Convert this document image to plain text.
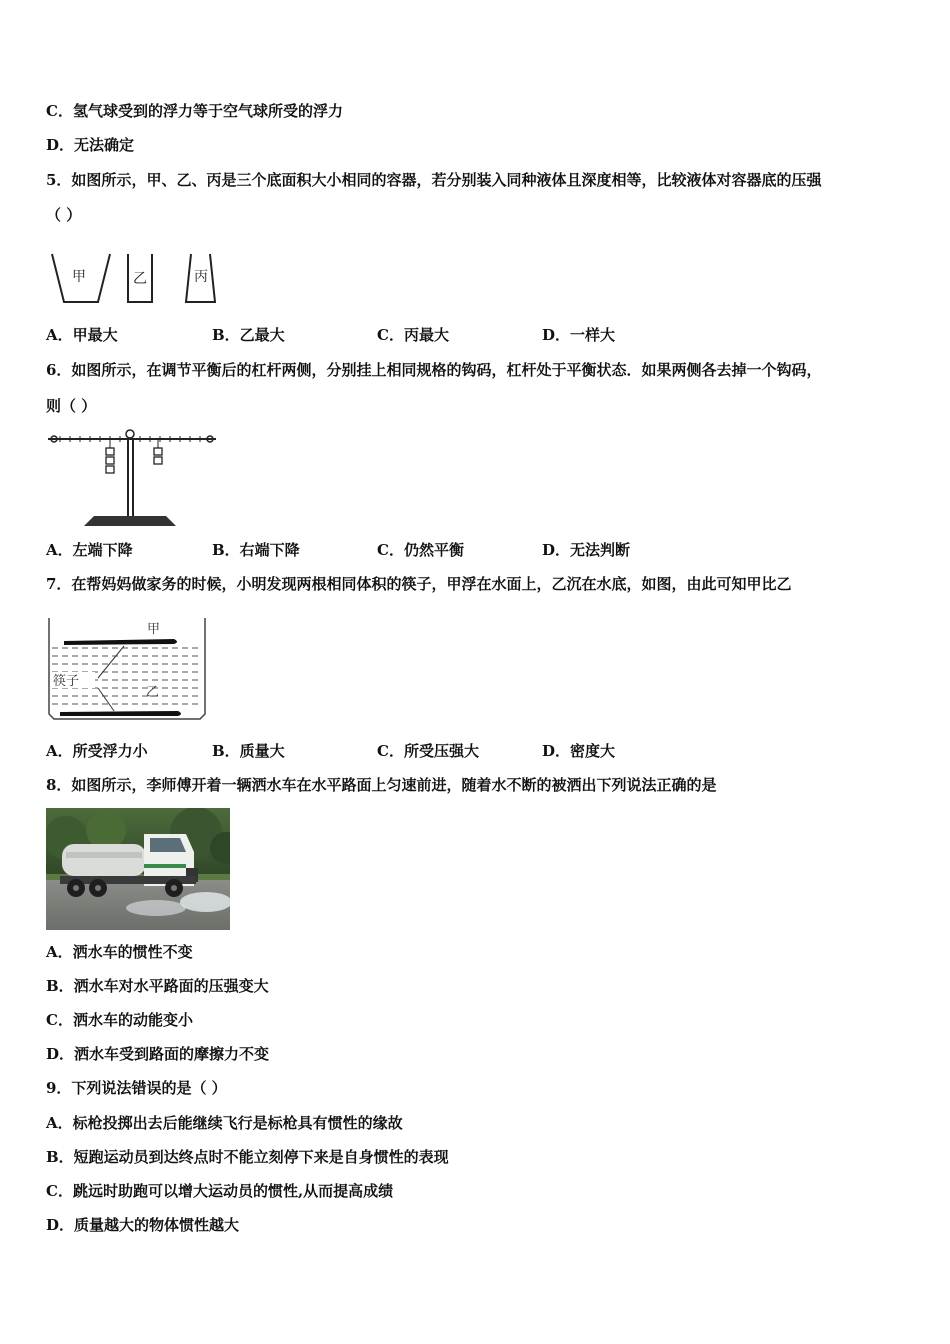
C．氢气球受到的浮力等于空气球所受的浮力
D．无法确定
5．如图所示，甲、乙、丙是三个底面积大小相同的容器，若分别装入同种液体且深度相等，比较液体对容器底的压强
（ ）
甲	乙	丙
A．甲最大	B．乙最大	C．丙最大	D．一样大
6．如图所示，在调节平衡后的杠杆两侧，分别挂上相同规格的钩码，杠杆处于平衡状态．如果两侧各去掉一个钩码，
则（ ）
A．左端下降	B．右端下降	C．仍然平衡	D．无法判断
7．在帮妈妈做家务的时候，小明发现两根相同体积的筷子，甲浮在水面上，乙沉在水底，如图，由此可知甲比乙
甲
筷子
乙
A．所受浮力小	B．质量大	C．所受压强大	D．密度大
8．如图所示，李师傅开着一辆洒水车在水平路面上匀速前进，随着水不断的被洒出下列说法正确的是
A．洒水车的惯性不变
B．洒水车对水平路面的压强变大
C．洒水车的动能变小
D．洒水车受到路面的摩擦力不变
9．下列说法错误的是（ ）
A．标枪投掷出去后能继续飞行是标枪具有惯性的缘故
B．短跑运动员到达终点时不能立刻停下来是自身惯性的表现
C．跳远时助跑可以增大运动员的惯性,从而提高成绩
D．质量越大的物体惯性越大
